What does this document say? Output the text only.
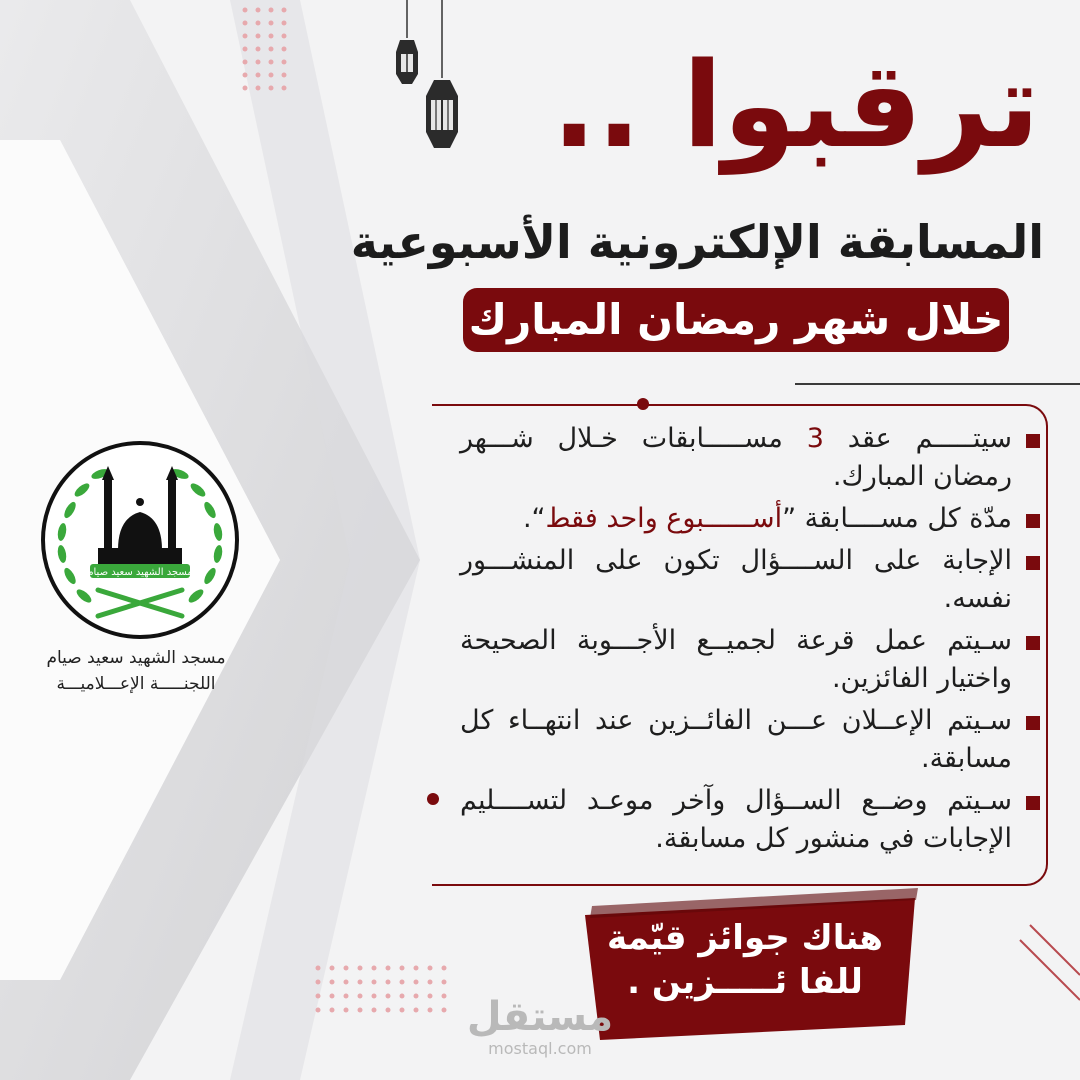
ترقبوا ..
المسابقة الإلكترونية الأسبوعية
خلال شهر رمضان المبارك
سيتـــــم عقد 3 مســـــابقات خـلال شـــهر رمضان المبارك.
مدّة كل مســــابقة ”أســــــبوع واحد فقط“.
الإجابة على الســــؤال تكون على المنشـــور نفسه.
سـيتم عمل قرعة لجميــع الأجـــوبة الصحيحة واختيار الفائزين.
سـيتم الإعــلان عـــن الفائــزين عند انتهــاء كل مسابقة.
سـيتم وضــع الســؤال وآخر موعـد لتســــليم الإجابات في منشور كل مسابقة.
مسجد الشهيد سعيد صيام
مسجد الشهيد سعيد صيام
اللجنـــــة الإعـــلاميـــة
هناك جوائز قيّمة
للفا ئـــــزين .
مستقل
mostaql.com
